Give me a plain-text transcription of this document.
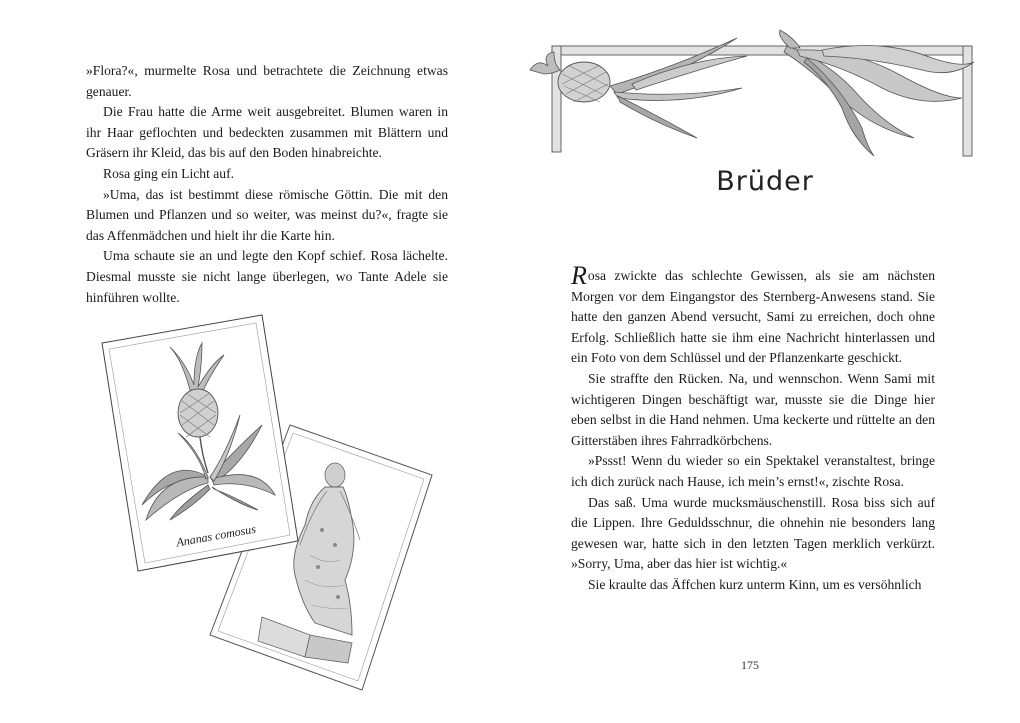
»Flora?«, murmelte Rosa und betrachtete die Zeichnung etwas genauer.

Die Frau hatte die Arme weit ausgebreitet. Blumen waren in ihr Haar geflochten und bedeckten zusammen mit Blättern und Gräsern ihr Kleid, das bis auf den Boden hinabreichte.

Rosa ging ein Licht auf.

»Uma, das ist bestimmt diese römische Göttin. Die mit den Blumen und Pflanzen und so weiter, was meinst du?«, fragte sie das Affenmädchen und hielt ihr die Karte hin.

Uma schaute sie an und legte den Kopf schief. Rosa lächelte. Diesmal musste sie nicht lange überlegen, wo Tante Adele sie hinführen wollte.

Ananas comosus
Brüder

Rosa zwickte das schlechte Gewissen, als sie am nächsten Morgen vor dem Eingangstor des Sternberg-Anwesens stand. Sie hatte den ganzen Abend versucht, Sami zu erreichen, doch ohne Erfolg. Schließlich hatte sie ihm eine Nachricht hinterlassen und ein Foto von dem Schlüssel und der Pflanzenkarte geschickt.

Sie straffte den Rücken. Na, und wennschon. Wenn Sami mit wichtigeren Dingen beschäftigt war, musste sie die Dinge hier eben selbst in die Hand nehmen. Uma keckerte und rüttelte an den Gitterstäben ihres Fahrradkörbchens.

»Pssst! Wenn du wieder so ein Spektakel veranstaltest, bringe ich dich zurück nach Hause, ich mein’s ernst!«, zischte Rosa.

Das saß. Uma wurde mucksmäuschenstill. Rosa biss sich auf die Lippen. Ihre Geduldsschnur, die ohnehin nie besonders lang gewesen war, hatte sich in den letzten Tagen merklich verkürzt. »Sorry, Uma, aber das hier ist wichtig.«

Sie kraulte das Äffchen kurz unterm Kinn, um es versöhnlich

175
